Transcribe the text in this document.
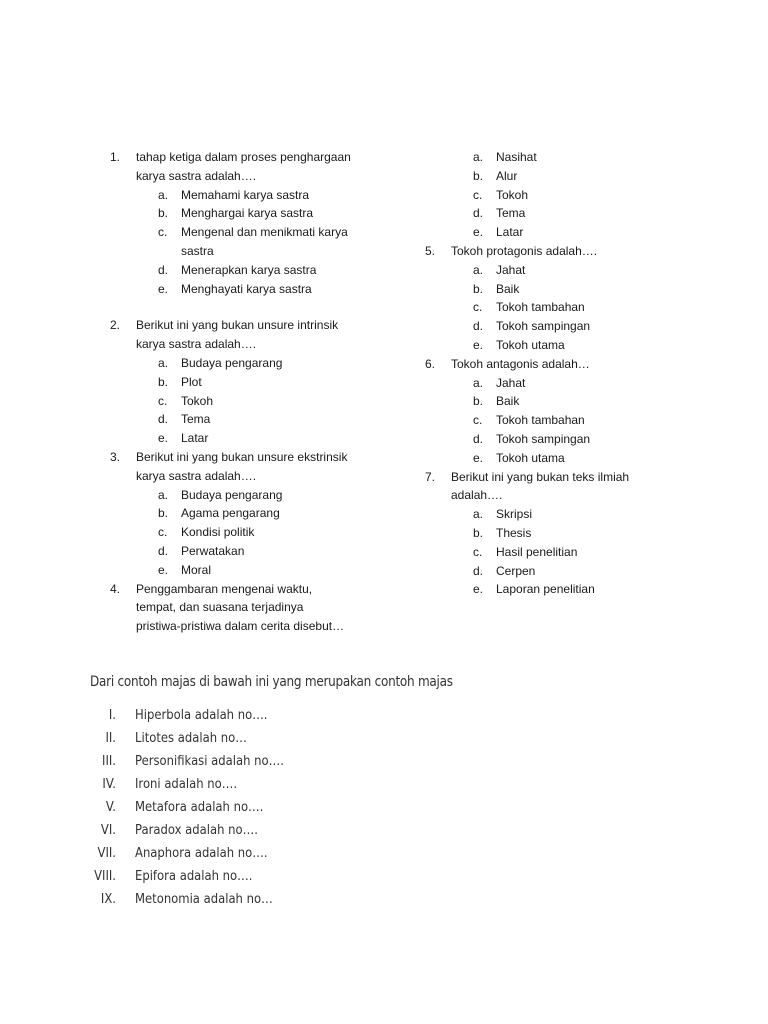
1.	tahap ketiga dalam proses penghargaan
karya sastra adalah….
a.	Memahami karya sastra
b.	Menghargai karya sastra
c.	Mengenal dan menikmati karya sastra
d.	Menerapkan karya sastra
e.	Menghayati karya sastra
2.	Berikut ini yang bukan unsure intrinsik
karya sastra adalah….
a.	Budaya pengarang
b.	Plot
c.	Tokoh
d.	Tema
e.	Latar
3.	Berikut ini yang bukan unsure ekstrinsik
karya sastra adalah….
a.	Budaya pengarang
b.	Agama pengarang
c.	Kondisi politik
d.	Perwatakan
e.	Moral
4.	Penggambaran mengenai waktu,
tempat, dan suasana terjadinya
pristiwa-pristiwa dalam cerita disebut…
a.	Nasihat
b.	Alur
c.	Tokoh
d.	Tema
e.	Latar
5.	Tokoh protagonis adalah….
a.	Jahat
b.	Baik
c.	Tokoh tambahan
d.	Tokoh sampingan
e.	Tokoh utama
6.	Tokoh antagonis adalah…
a.	Jahat
b.	Baik
c.	Tokoh tambahan
d.	Tokoh sampingan
e.	Tokoh utama
7.	Berikut ini yang bukan teks ilmiah
adalah….
a.	Skripsi
b.	Thesis
c.	Hasil penelitian
d.	Cerpen
e.	Laporan penelitian
Dari contoh majas di bawah ini yang merupakan contoh majas
I. Hiperbola adalah no….
II. Litotes adalah no…
III. Personifikasi adalah no….
IV. Ironi adalah no….
V. Metafora adalah no….
VI. Paradox adalah no….
VII. Anaphora adalah no….
VIII. Epifora adalah no….
IX. Metonomia adalah no…
